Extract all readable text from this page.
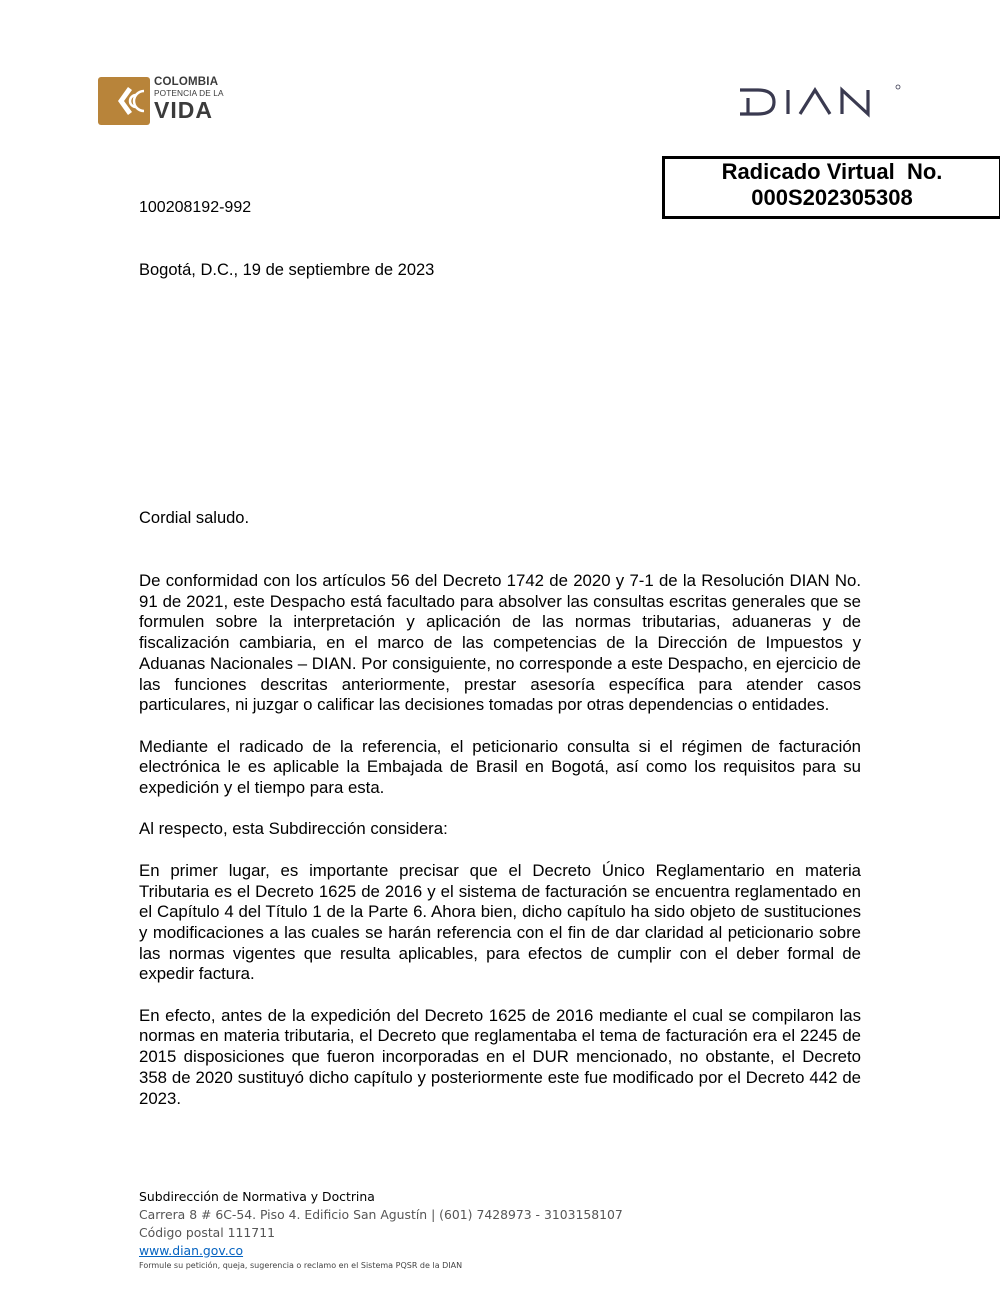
COLOMBIA
POTENCIA DE LA
VIDA
Radicado Virtual  No.
000S202305308
100208192-992
Bogotá, D.C., 19 de septiembre de 2023
Cordial saludo.

De conformidad con los artículos 56 del Decreto 1742 de 2020 y 7-1 de la Resolución DIAN No. 91 de 2021, este Despacho está facultado para absolver las consultas escritas generales que se formulen sobre la interpretación y aplicación de las normas tributarias, aduaneras y de fiscalización cambiaria, en el marco de las competencias de la Dirección de Impuestos y Aduanas Nacionales – DIAN. Por consiguiente, no corresponde a este Despacho, en ejercicio de las funciones descritas anteriormente, prestar asesoría específica para atender casos particulares, ni juzgar o calificar las decisiones tomadas por otras dependencias o entidades.

Mediante el radicado de la referencia, el peticionario consulta si el régimen de facturación electrónica le es aplicable la Embajada de Brasil en Bogotá, así como los requisitos para su expedición y el tiempo para esta.

Al respecto, esta Subdirección considera:

En primer lugar, es importante precisar que el Decreto Único Reglamentario en materia Tributaria es el Decreto 1625 de 2016 y el sistema de facturación se encuentra reglamentado en el Capítulo 4 del Título 1 de la Parte 6. Ahora bien, dicho capítulo ha sido objeto de sustituciones y modificaciones a las cuales se harán referencia con el fin de dar claridad al peticionario sobre las normas vigentes que resulta aplicables, para efectos de cumplir con el deber formal de expedir factura.

En efecto, antes de la expedición del Decreto 1625 de 2016 mediante el cual se compilaron las normas en materia tributaria, el Decreto que reglamentaba el tema de facturación era el 2245 de 2015 disposiciones que fueron incorporadas en el DUR mencionado, no obstante, el Decreto 358 de 2020 sustituyó dicho capítulo y posteriormente este fue modificado por el Decreto 442 de 2023.

Subdirección de Normativa y Doctrina
Carrera 8 # 6C-54. Piso 4. Edificio San Agustín | (601) 7428973 - 3103158107
Código postal 111711
www.dian.gov.co
Formule su petición, queja, sugerencia o reclamo en el Sistema PQSR de la DIAN
